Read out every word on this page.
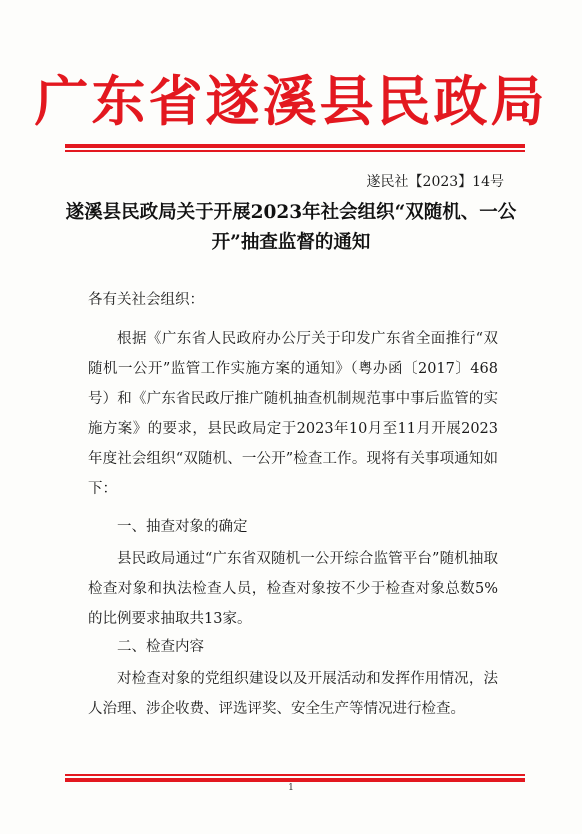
广东省遂溪县民政局
遂民社【2023】14号
遂溪县民政局关于开展2023年社会组织“双随机、一公开”抽查监督的通知
各有关社会组织：
根据《广东省人民政府办公厅关于印发广东省全面推行“双随机一公开”监管工作实施方案的通知》（粤办函〔2017〕468号）和《广东省民政厅推广随机抽查机制规范事中事后监管的实施方案》的要求，县民政局定于2023年10月至11月开展2023年度社会组织“双随机、一公开”检查工作。现将有关事项通知如下：
一、抽查对象的确定
县民政局通过“广东省双随机一公开综合监管平台”随机抽取检查对象和执法检查人员，检查对象按不少于检查对象总数5%的比例要求抽取共13家。
二、检查内容
对检查对象的党组织建设以及开展活动和发挥作用情况，法人治理、涉企收费、评选评奖、安全生产等情况进行检查。
1
